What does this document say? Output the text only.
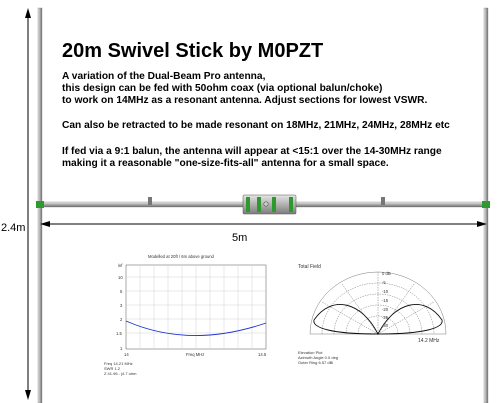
20m Swivel Stick by M0PZT
A variation of the Dual-Beam Pro antenna,
this design can be fed with 50ohm coax (via optional balun/choke)
to work on 14MHz as a resonant antenna. Adjust sections for lowest VSWR.
Can also be retracted to be made resonant on 18MHz, 21MHz, 24MHz, 28MHz etc
If fed via a 9:1 balun, the antenna will appear at <15:1 over the 14-30MHz range
making it a reasonable "one-size-fits-all" antenna for a small space.
2.4m
5m
Modelled at 20ft / 6m above ground
inf
10
5
3
2
1.5
1
14	Freq MHz	14.5
Freq 14.21 MHz
SWR 1.2
Z 41.96 - j4.7 ohm
Total Field
0 dB
-5
-10
-15
-20
-25
-30
14.2 MHz
Elevation Plot
Azimuth Angle 0.0 deg
Outer Ring 6.57 dBi
